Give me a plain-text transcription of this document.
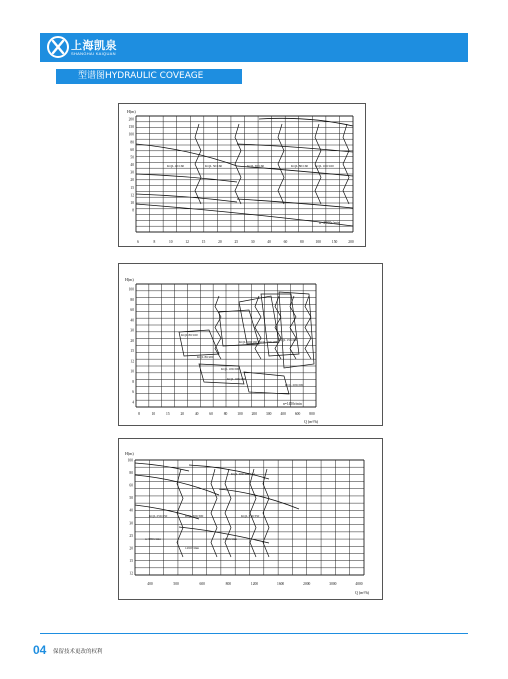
上海凯泉
SHANGHAI KAIQUAN
型谱图HYDRAULIC COVEAGE
H(m)
200
150
100
80
60
50
40
30
20
15
12
10
8
6	8	10	12	15	20	25	30	40	60	80	100	150	200
KQL 40/160	KQL 50/160	KQL 65/160	KQL 80/160 KQL 100/160
n=2900r/min
H(m)
100
80
60
40
30
20
15
12
10
8
6
4
8	10	15	20	40	60	80	100	200	300	400	600	800
Q (m³/h)
KQL 80/160
KQL 80/200
KQL 100/160
KQL 100/200
KQL 150/160 KQL 150/200
KQL 200/200
KQL 100/250
n=1450r/min
H(m)
100
80
60
50
40
30
25
20
15
12
400	500	600	800	1200	1600	2000	3000	4000
Q (m³/h)
KQL 250/250	KQL 300/300	KQL 350/350
KQL 400/400-(Z)
n=980r/min
1450r/min
1450r/min
04 保留技术更改的权利
